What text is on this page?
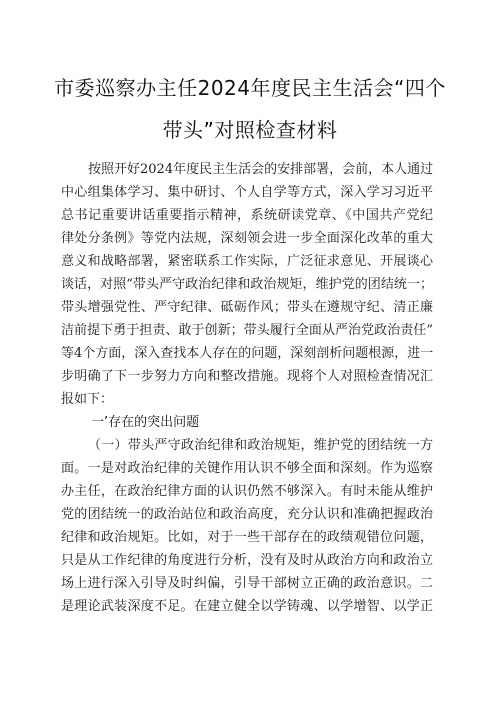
市委巡察办主任2024年度民主生活会“四个
带头”对照检查材料
按照开好2024年度民主生活会的安排部署，会前，本人通过
中心组集体学习、集中研讨、个人自学等方式，深入学习习近平
总书记重要讲话重要指示精神，系统研读党章、《中国共产党纪
律处分条例》等党内法规，深刻领会进一步全面深化改革的重大
意义和战略部署，紧密联系工作实际，广泛征求意见、开展谈心
谈话，对照“带头严守政治纪律和政治规矩，维护党的团结统一；
带头增强党性、严守纪律、砥砺作风；带头在遵规守纪、清正廉
洁前提下勇于担责、敢于创新；带头履行全面从严治党政治责任”
等4个方面，深入查找本人存在的问题，深刻剖析问题根源，进一
步明确了下一步努力方向和整改措施。现将个人对照检查情况汇
报如下：
一’存在的突出问题
（一）带头严守政治纪律和政治规矩，维护党的团结统一方
面。一是对政治纪律的关键作用认识不够全面和深刻。作为巡察
办主任，在政治纪律方面的认识仍然不够深入。有时未能从维护
党的团结统一的政治站位和政治高度，充分认识和准确把握政治
纪律和政治规矩。比如，对于一些干部存在的政绩观错位问题，
只是从工作纪律的角度进行分析，没有及时从政治方向和政治立
场上进行深入引导及时纠偏，引导干部树立正确的政治意识。二
是理论武装深度不足。在建立健全以学铸魂、以学增智、以学正
